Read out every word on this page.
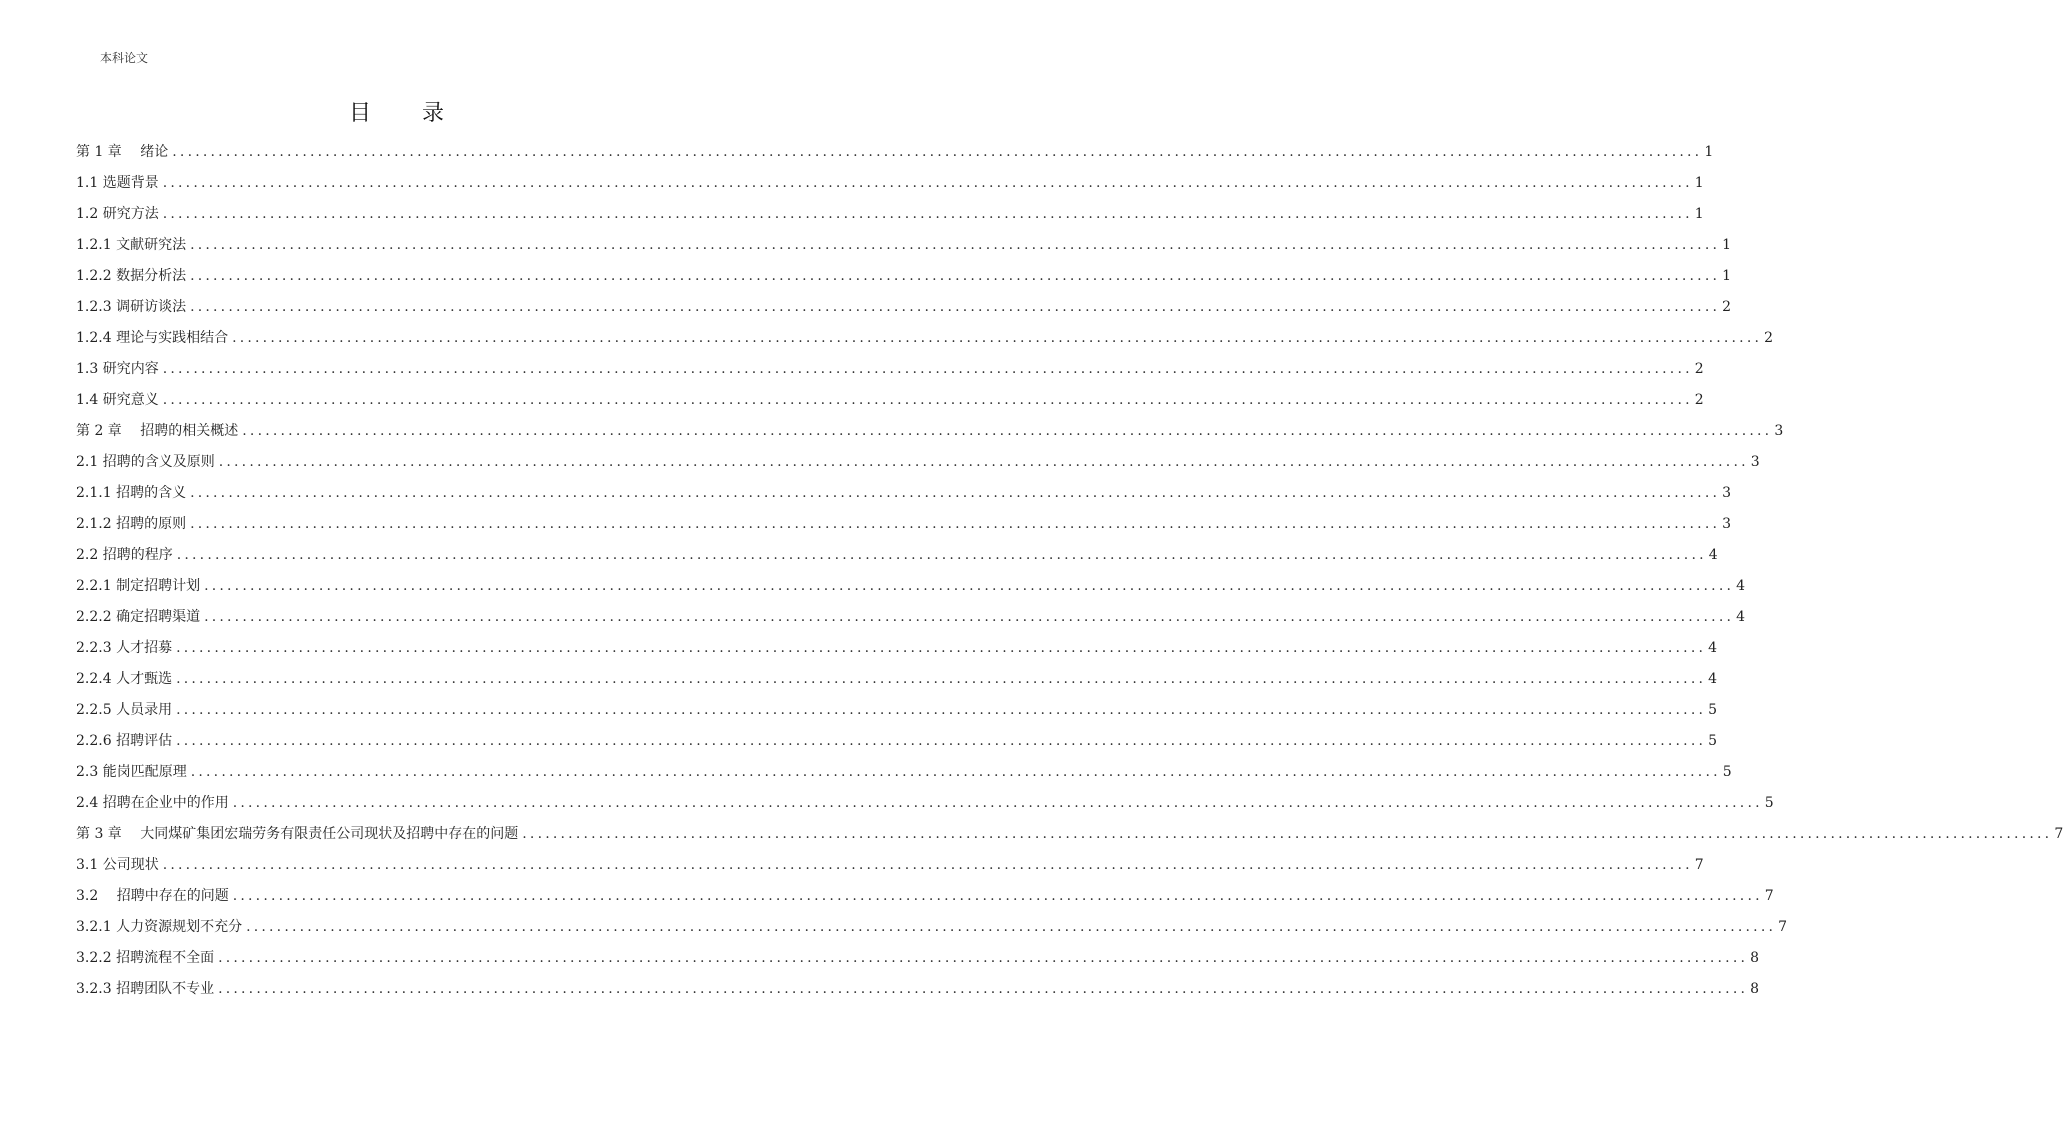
本科论文
目 录
第 1 章　 绪论 ........................................................................................................................................................................................................ 1
1.1 选题背景 ........................................................................................................................................................................................................ 1
1.2 研究方法 ........................................................................................................................................................................................................ 1
1.2.1 文献研究法 ........................................................................................................................................................................................................ 1
1.2.2 数据分析法 ........................................................................................................................................................................................................ 1
1.2.3 调研访谈法 ........................................................................................................................................................................................................ 2
1.2.4 理论与实践相结合 ........................................................................................................................................................................................................ 2
1.3 研究内容 ........................................................................................................................................................................................................ 2
1.4 研究意义 ........................................................................................................................................................................................................ 2
第 2 章　 招聘的相关概述 ........................................................................................................................................................................................................ 3
2.1 招聘的含义及原则 ........................................................................................................................................................................................................ 3
2.1.1 招聘的含义 ........................................................................................................................................................................................................ 3
2.1.2 招聘的原则 ........................................................................................................................................................................................................ 3
2.2 招聘的程序 ........................................................................................................................................................................................................ 4
2.2.1 制定招聘计划 ........................................................................................................................................................................................................ 4
2.2.2 确定招聘渠道 ........................................................................................................................................................................................................ 4
2.2.3 人才招募 ........................................................................................................................................................................................................ 4
2.2.4 人才甄选 ........................................................................................................................................................................................................ 4
2.2.5 人员录用 ........................................................................................................................................................................................................ 5
2.2.6 招聘评估 ........................................................................................................................................................................................................ 5
2.3 能岗匹配原理 ........................................................................................................................................................................................................ 5
2.4 招聘在企业中的作用 ........................................................................................................................................................................................................ 5
第 3 章　 大同煤矿集团宏瑞劳务有限责任公司现状及招聘中存在的问题 ........................................................................................................................................................................................................ 7
3.1 公司现状 ........................................................................................................................................................................................................ 7
3.2　 招聘中存在的问题 ........................................................................................................................................................................................................ 7
3.2.1 人力资源规划不充分 ........................................................................................................................................................................................................ 7
3.2.2 招聘流程不全面 ........................................................................................................................................................................................................ 8
3.2.3 招聘团队不专业 ........................................................................................................................................................................................................ 8
